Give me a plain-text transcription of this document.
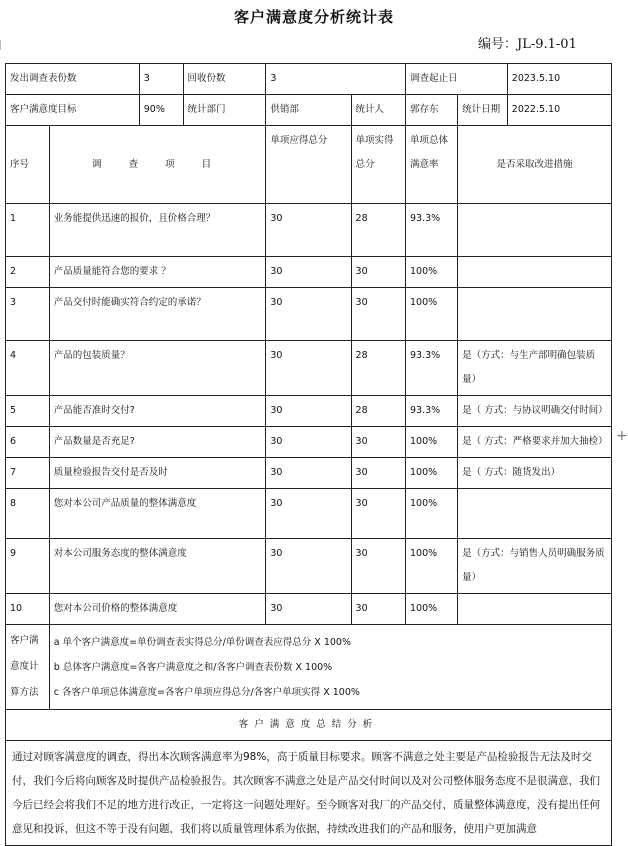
客户满意度分析统计表
编号：JL-9.1-01
+
发出调查表份数		3	回收份数	3		调查起止日		2023.5.10
客户满意度目标		90%	统计部门	供销部	统计人	郭存东	统计日期	2022.5.10
序号	调 查 项 目			单项应得总分	单项实得总分	单项总体满意率	是否采取改进措施	
1	业务能提供迅速的报价，且价格合理？			30	28	93.3%		
2	产品质量能符合您的要求 ？			30	30	100%		
3	产品交付时能确实符合约定的承诺？			30	30	100%		
4	产品的包装质量？			30	28	93.3%	是（方式：与生产部明确包装质量）	
5	产品能否准时交付?			30	28	93.3%	是（ 方式：与协议明确交付时间）	
6	产品数量是否充足?			30	30	100%	是（ 方式：严格要求并加大抽检）	
7	质量检验报告交付是否及时			30	30	100%	是（ 方式：随货发出）	
8	您对本公司产品质量的整体满意度			30	30	100%		
9	对本公司服务态度的整体满意度			30	30	100%	是（方式：与销售人员明确服务质量）	
10	您对本公司价格的整体满意度			30	30	100%		
客户满意度计算方法	a 单个客户满意度=单份调查表实得总分/单份调查表应得总分 X 100%
b 总体客户满意度=各客户满意度之和/各客户调查表份数 X 100%
c 各客户单项总体满意度=各客户单项应得总分/各客户单项实得 X 100%							

客户满意度总结分析								
通过对顾客满意度的调查，得出本次顾客满意率为98%，高于质量目标要求。顾客不满意之处主要是产品检验报告无法及时交付，我们今后将向顾客及时提供产品检验报告。其次顾客不满意之处是产品交付时间以及对公司整体服务态度不是很满意，我们今后已经会将我们不足的地方进行改正，一定将这一问题处理好。至今顾客对我厂的产品交付，质量整体满意度，没有提出任何意见和投诉，但这不等于没有问题，我们将以质量管理体系为依据，持续改进我们的产品和服务，使用户更加满意								
